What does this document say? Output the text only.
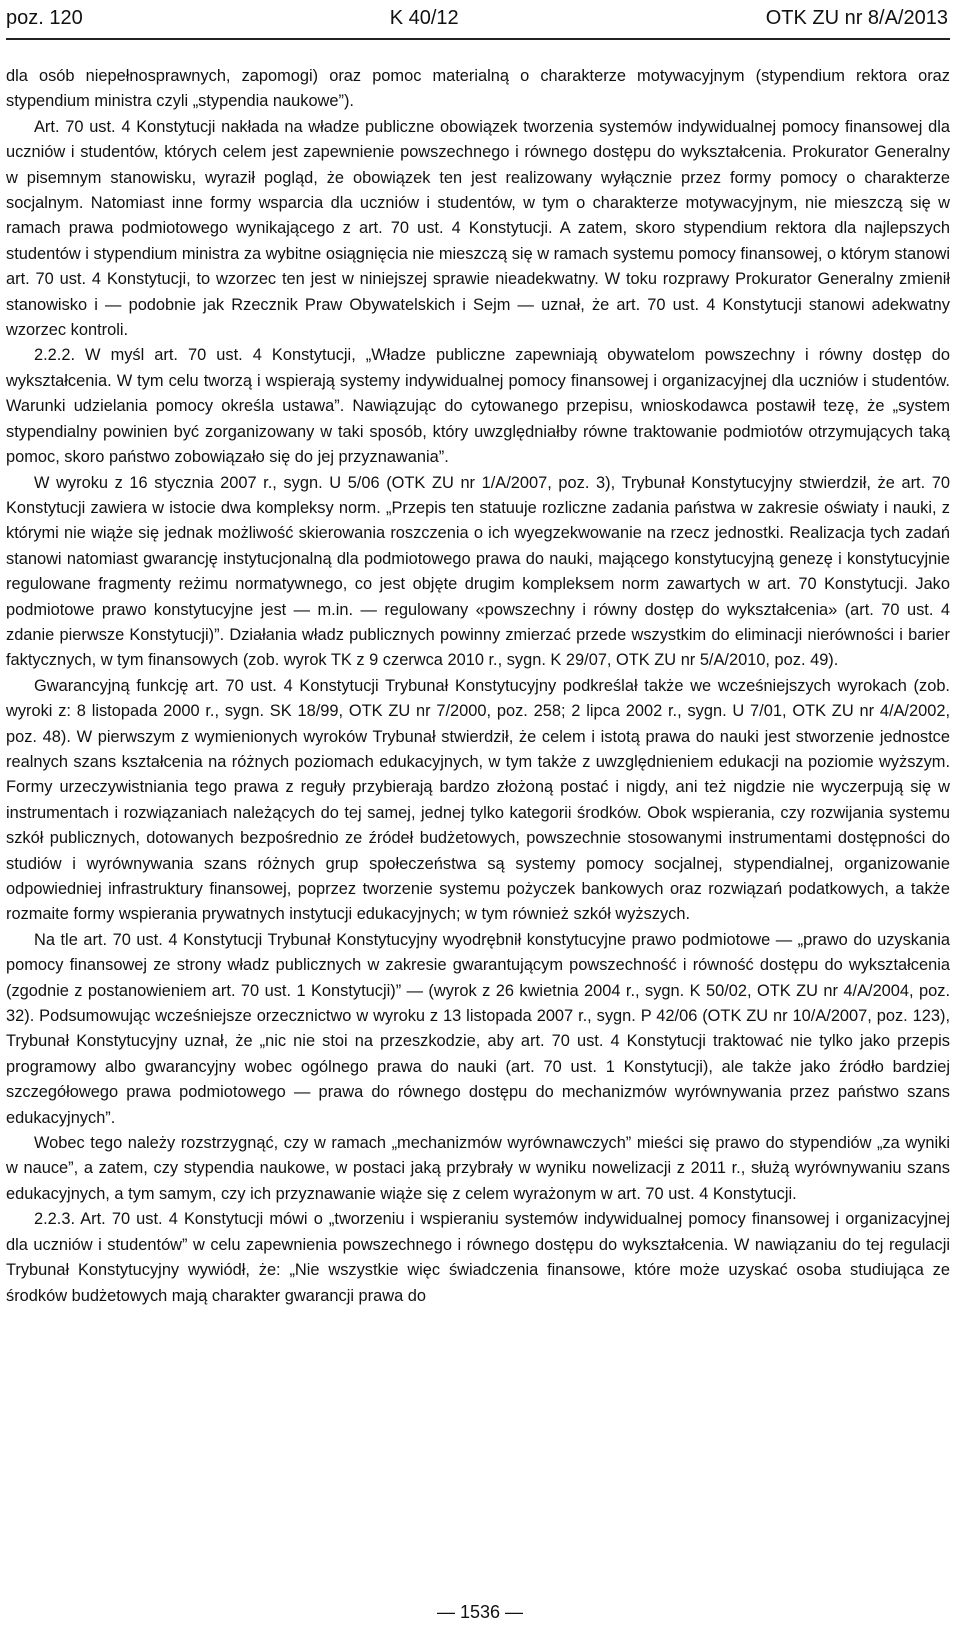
poz. 120	K 40/12	OTK ZU nr 8/A/2013

dla osób niepełnosprawnych, zapomogi) oraz pomoc materialną o charakterze motywacyjnym (stypendium rektora oraz stypendium ministra czyli „stypendia naukowe”).

Art. 70 ust. 4 Konstytucji nakłada na władze publiczne obowiązek tworzenia systemów indywidualnej pomocy finansowej dla uczniów i studentów, których celem jest zapewnienie powszechnego i równego dostępu do wykształcenia. Prokurator Generalny w pisemnym stanowisku, wyraził pogląd, że obowiązek ten jest realizowany wyłącznie przez formy pomocy o charakterze socjalnym. Natomiast inne formy wsparcia dla uczniów i studentów, w tym o charakterze motywacyjnym, nie mieszczą się w ramach prawa podmiotowego wynikającego z art. 70 ust. 4 Konstytucji. A zatem, skoro stypendium rektora dla najlepszych studentów i stypendium ministra za wybitne osiągnięcia nie mieszczą się w ramach systemu pomocy finansowej, o którym stanowi art. 70 ust. 4 Konstytucji, to wzorzec ten jest w niniejszej sprawie nieadekwatny. W toku rozprawy Prokurator Generalny zmienił stanowisko i — podobnie jak Rzecznik Praw Obywatelskich i Sejm — uznał, że art. 70 ust. 4 Konstytucji stanowi adekwatny wzorzec kontroli.

2.2.2. W myśl art. 70 ust. 4 Konstytucji, „Władze publiczne zapewniają obywatelom powszechny i równy dostęp do wykształcenia. W tym celu tworzą i wspierają systemy indywidualnej pomocy finansowej i organizacyjnej dla uczniów i studentów. Warunki udzielania pomocy określa ustawa”. Nawiązując do cytowanego przepisu, wnioskodawca postawił tezę, że „system stypendialny powinien być zorganizowany w taki sposób, który uwzględniałby równe traktowanie podmiotów otrzymujących taką pomoc, skoro państwo zobowiązało się do jej przyznawania”.

W wyroku z 16 stycznia 2007 r., sygn. U 5/06 (OTK ZU nr 1/A/2007, poz. 3), Trybunał Konstytucyjny stwierdził, że art. 70 Konstytucji zawiera w istocie dwa kompleksy norm. „Przepis ten statuuje rozliczne zadania państwa w zakresie oświaty i nauki, z którymi nie wiąże się jednak możliwość skierowania roszczenia o ich wyegzekwowanie na rzecz jednostki. Realizacja tych zadań stanowi natomiast gwarancję instytucjonalną dla podmiotowego prawa do nauki, mającego konstytucyjną genezę i konstytucyjnie regulowane fragmenty reżimu normatywnego, co jest objęte drugim kompleksem norm zawartych w art. 70 Konstytucji. Jako podmiotowe prawo konstytucyjne jest — m.in. — regulowany «powszechny i równy dostęp do wykształcenia» (art. 70 ust. 4 zdanie pierwsze Konstytucji)”. Działania władz publicznych powinny zmierzać przede wszystkim do eliminacji nierówności i barier faktycznych, w tym finansowych (zob. wyrok TK z 9 czerwca 2010 r., sygn. K 29/07, OTK ZU nr 5/A/2010, poz. 49).

Gwarancyjną funkcję art. 70 ust. 4 Konstytucji Trybunał Konstytucyjny podkreślał także we wcześniejszych wyrokach (zob. wyroki z: 8 listopada 2000 r., sygn. SK 18/99, OTK ZU nr 7/2000, poz. 258; 2 lipca 2002 r., sygn. U 7/01, OTK ZU nr 4/A/2002, poz. 48). W pierwszym z wymienionych wyroków Trybunał stwierdził, że celem i istotą prawa do nauki jest stworzenie jednostce realnych szans kształcenia na różnych poziomach edukacyjnych, w tym także z uwzględnieniem edukacji na poziomie wyższym. Formy urzeczywistniania tego prawa z reguły przybierają bardzo złożoną postać i nigdy, ani też nigdzie nie wyczerpują się w instrumentach i rozwiązaniach należących do tej samej, jednej tylko kategorii środków. Obok wspierania, czy rozwijania systemu szkół publicznych, dotowanych bezpośrednio ze źródeł budżetowych, powszechnie stosowanymi instrumentami dostępności do studiów i wyrównywania szans różnych grup społeczeństwa są systemy pomocy socjalnej, stypendialnej, organizowanie odpowiedniej infrastruktury finansowej, poprzez tworzenie systemu pożyczek bankowych oraz rozwiązań podatkowych, a także rozmaite formy wspierania prywatnych instytucji edukacyjnych; w tym również szkół wyższych.

Na tle art. 70 ust. 4 Konstytucji Trybunał Konstytucyjny wyodrębnił konstytucyjne prawo podmiotowe — „prawo do uzyskania pomocy finansowej ze strony władz publicznych w zakresie gwarantującym powszechność i równość dostępu do wykształcenia (zgodnie z postanowieniem art. 70 ust. 1 Konstytucji)” — (wyrok z 26 kwietnia 2004 r., sygn. K 50/02, OTK ZU nr 4/A/2004, poz. 32). Podsumowując wcześniejsze orzecznictwo w wyroku z 13 listopada 2007 r., sygn. P 42/06 (OTK ZU nr 10/A/2007, poz. 123), Trybunał Konstytucyjny uznał, że „nic nie stoi na przeszkodzie, aby art. 70 ust. 4 Konstytucji traktować nie tylko jako przepis programowy albo gwarancyjny wobec ogólnego prawa do nauki (art. 70 ust. 1 Konstytucji), ale także jako źródło bardziej szczegółowego prawa podmiotowego — prawa do równego dostępu do mechanizmów wyrównywania przez państwo szans edukacyjnych”.

Wobec tego należy rozstrzygnąć, czy w ramach „mechanizmów wyrównawczych” mieści się prawo do stypendiów „za wyniki w nauce”, a zatem, czy stypendia naukowe, w postaci jaką przybrały w wyniku nowelizacji z 2011 r., służą wyrównywaniu szans edukacyjnych, a tym samym, czy ich przyznawanie wiąże się z celem wyrażonym w art. 70 ust. 4 Konstytucji.

2.2.3. Art. 70 ust. 4 Konstytucji mówi o „tworzeniu i wspieraniu systemów indywidualnej pomocy finansowej i organizacyjnej dla uczniów i studentów” w celu zapewnienia powszechnego i równego dostępu do wykształcenia. W nawiązaniu do tej regulacji Trybunał Konstytucyjny wywiódł, że: „Nie wszystkie więc świadczenia finansowe, które może uzyskać osoba studiująca ze środków budżetowych mają charakter gwarancji prawa do

— 1536 —
